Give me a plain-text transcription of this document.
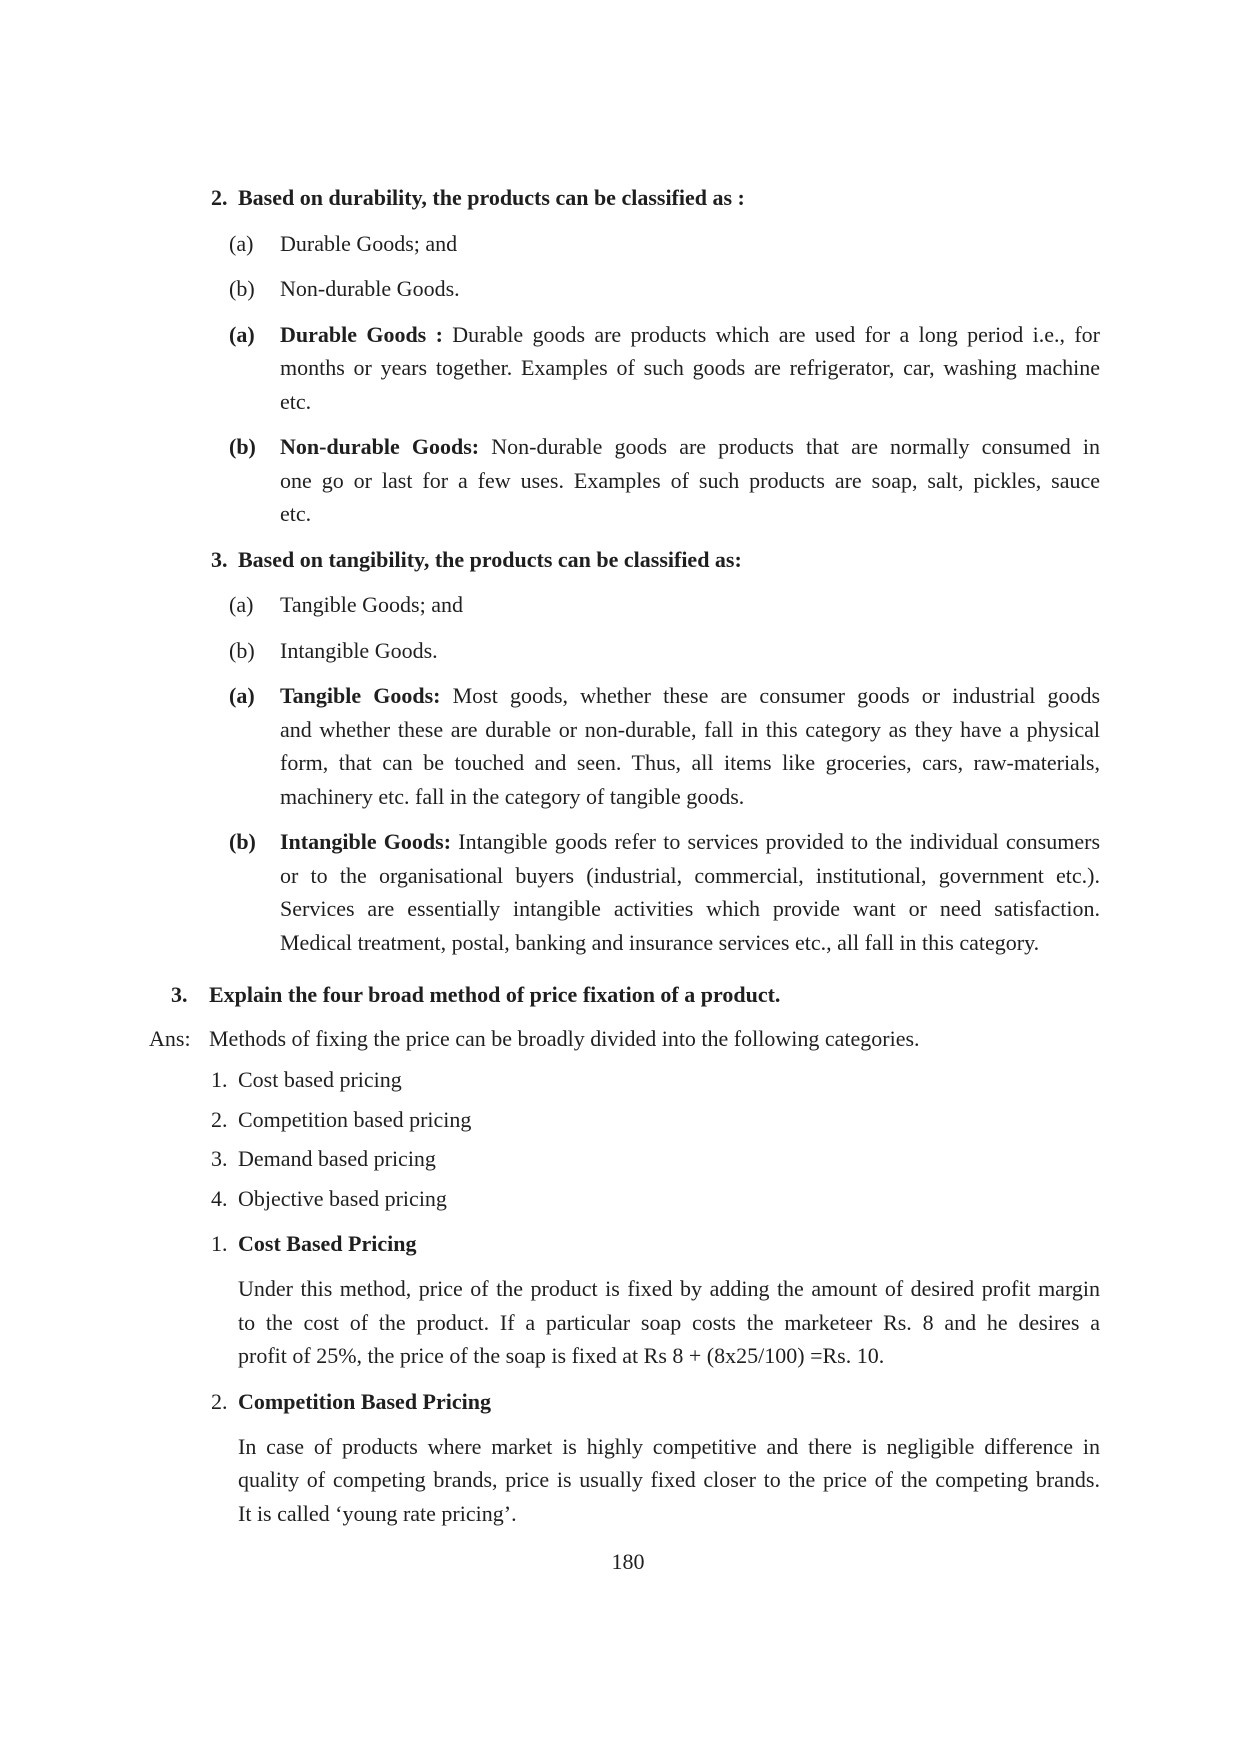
2. Based on durability, the products can be classified as :
(a) Durable Goods; and
(b) Non-durable Goods.
(a) Durable Goods : Durable goods are products which are used for a long period i.e., for
months or years together. Examples of such goods are refrigerator, car, washing machine
etc.
(b) Non-durable Goods: Non-durable goods are products that are normally consumed in
one go or last for a few uses. Examples of such products are soap, salt, pickles, sauce
etc.
3. Based on tangibility, the products can be classified as:
(a) Tangible Goods; and
(b) Intangible Goods.
(a) Tangible Goods: Most goods, whether these are consumer goods or industrial goods
and whether these are durable or non-durable, fall in this category as they have a physical
form, that can be touched and seen. Thus, all items like groceries, cars, raw-materials,
machinery etc. fall in the category of tangible goods.
(b) Intangible Goods: Intangible goods refer to services provided to the individual consumers
or to the organisational buyers (industrial, commercial, institutional, government etc.).
Services are essentially intangible activities which provide want or need satisfaction.
Medical treatment, postal, banking and insurance services etc., all fall in this category.
3. Explain the four broad method of price fixation of a product.
Ans: Methods of fixing the price can be broadly divided into the following categories.
1. Cost based pricing
2. Competition based pricing
3. Demand based pricing
4. Objective based pricing
1. Cost Based Pricing
Under this method, price of the product is fixed by adding the amount of desired profit margin
to the cost of the product. If a particular soap costs the marketeer Rs. 8 and he desires a
profit of 25%, the price of the soap is fixed at Rs 8 + (8x25/100) =Rs. 10.
2. Competition Based Pricing
In case of products where market is highly competitive and there is negligible difference in
quality of competing brands, price is usually fixed closer to the price of the competing brands.
It is called ‘young rate pricing’.
180
